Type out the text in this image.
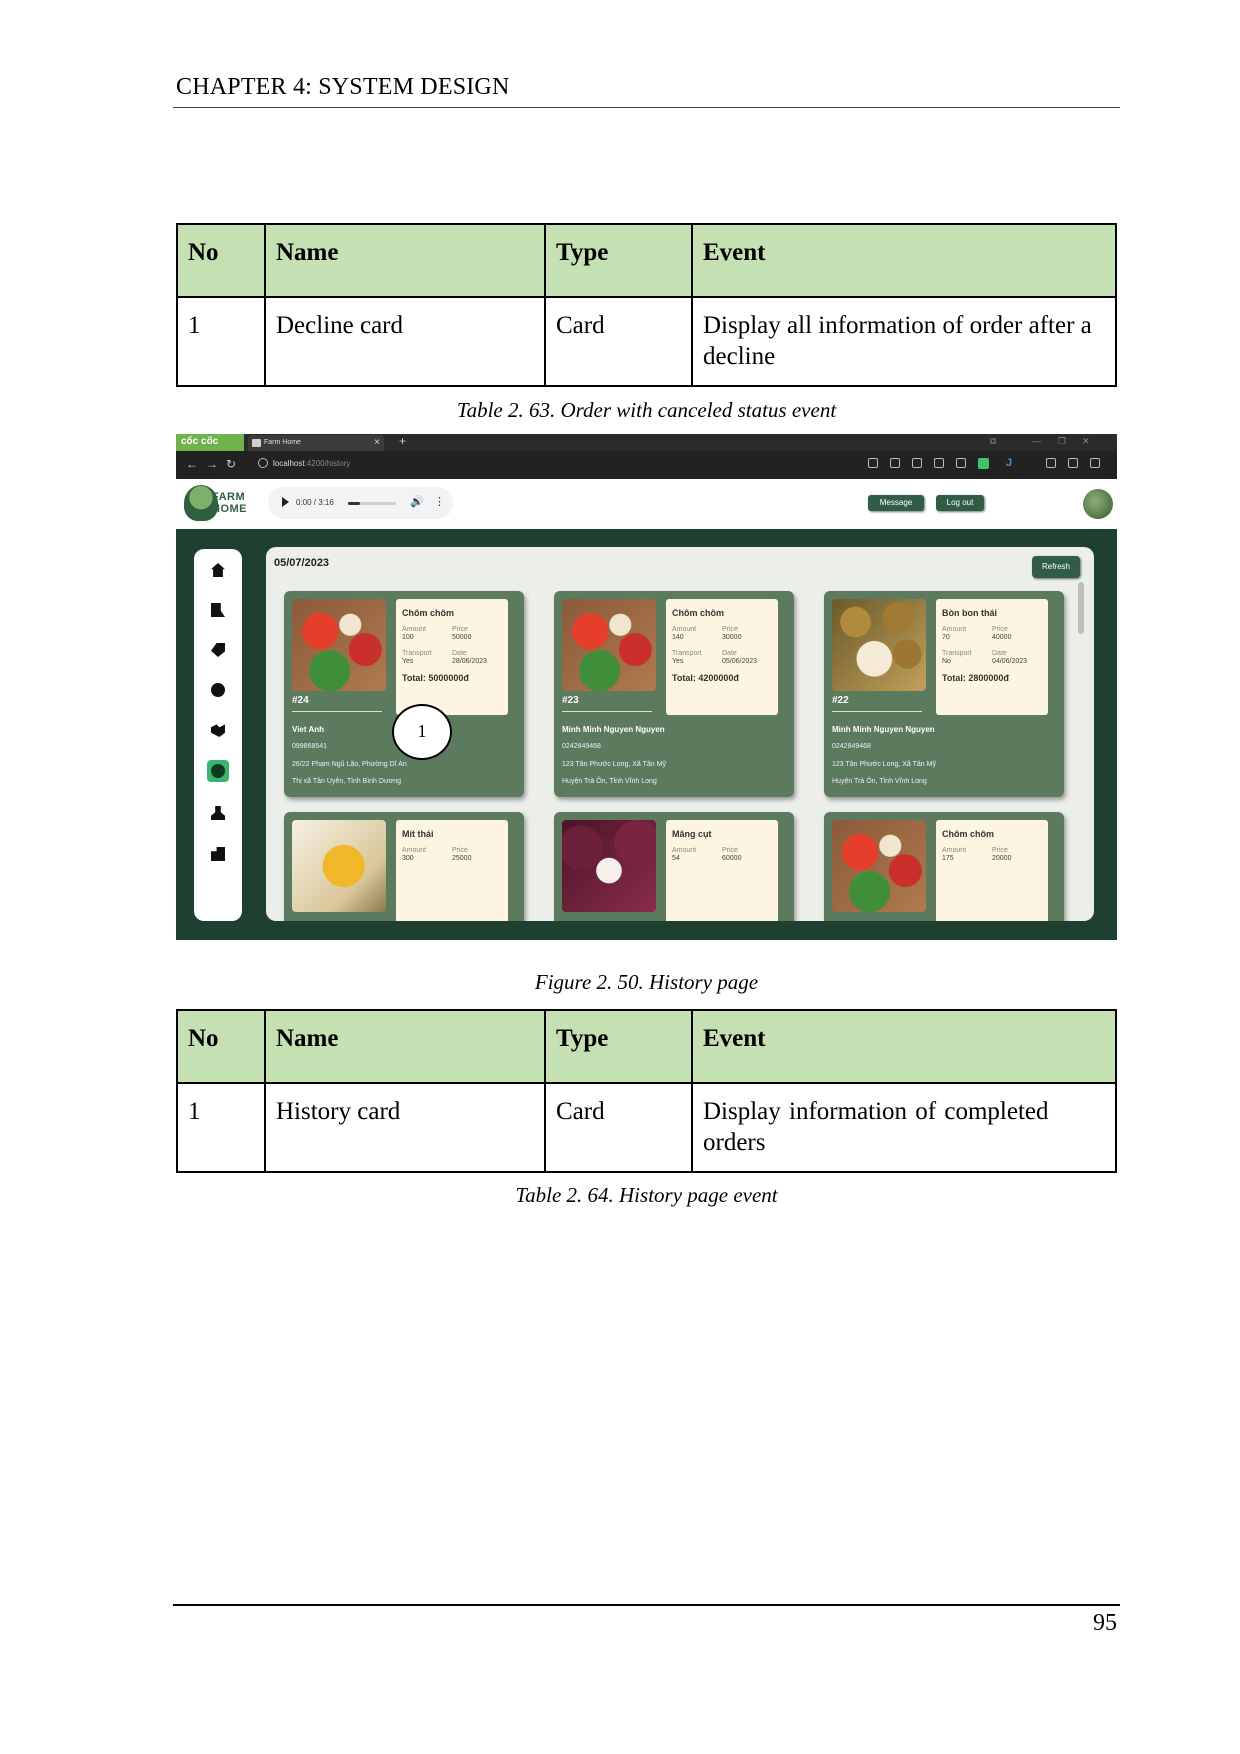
CHAPTER 4: SYSTEM DESIGN
No	Name	Type	Event
1	Decline card	Card	Display all information of order after a decline
Table 2. 63. Order with canceled status event
cốc cốc	Farm Home	× +	⧉	— ❐ ✕
← → ↻	localhost:4200/history	J
FARM
HOME
0:00 / 3:16	🔊 ⋮	Message	Log out
05/07/2023	Refresh
Chôm chôm
Amount	Price
100	50000
Transport	Date
Yes	28/06/2023
Total: 5000000đ
#24
Viet Anh
099868541
26/22 Phạm Ngũ Lão, Phường Dĩ An
Thị xã Tân Uyên, Tỉnh Bình Dương
Chôm chôm
Amount	Price
140	30000
Transport	Date
Yes	05/06/2023
Total: 4200000đ
#23
Minh Minh Nguyen Nguyen
0242849468
123 Tân Phước Long, Xã Tân Mỹ
Huyện Trà Ôn, Tỉnh Vĩnh Long
Bòn bon thái
Amount	Price
70	40000
Transport	Date
No	04/06/2023
Total: 2800000đ
#22
Minh Minh Nguyen Nguyen
0242849468
123 Tân Phước Long, Xã Tân Mỹ
Huyện Trà Ôn, Tỉnh Vĩnh Long
Mít thái
Amount	Price
300	25000
Măng cụt
Amount	Price
54	60000
Chôm chôm
Amount	Price
175	20000
1
Figure 2. 50. History page
No	Name	Type	Event
1	History card	Card	Display information of completed orders
Table 2. 64. History page event
95
